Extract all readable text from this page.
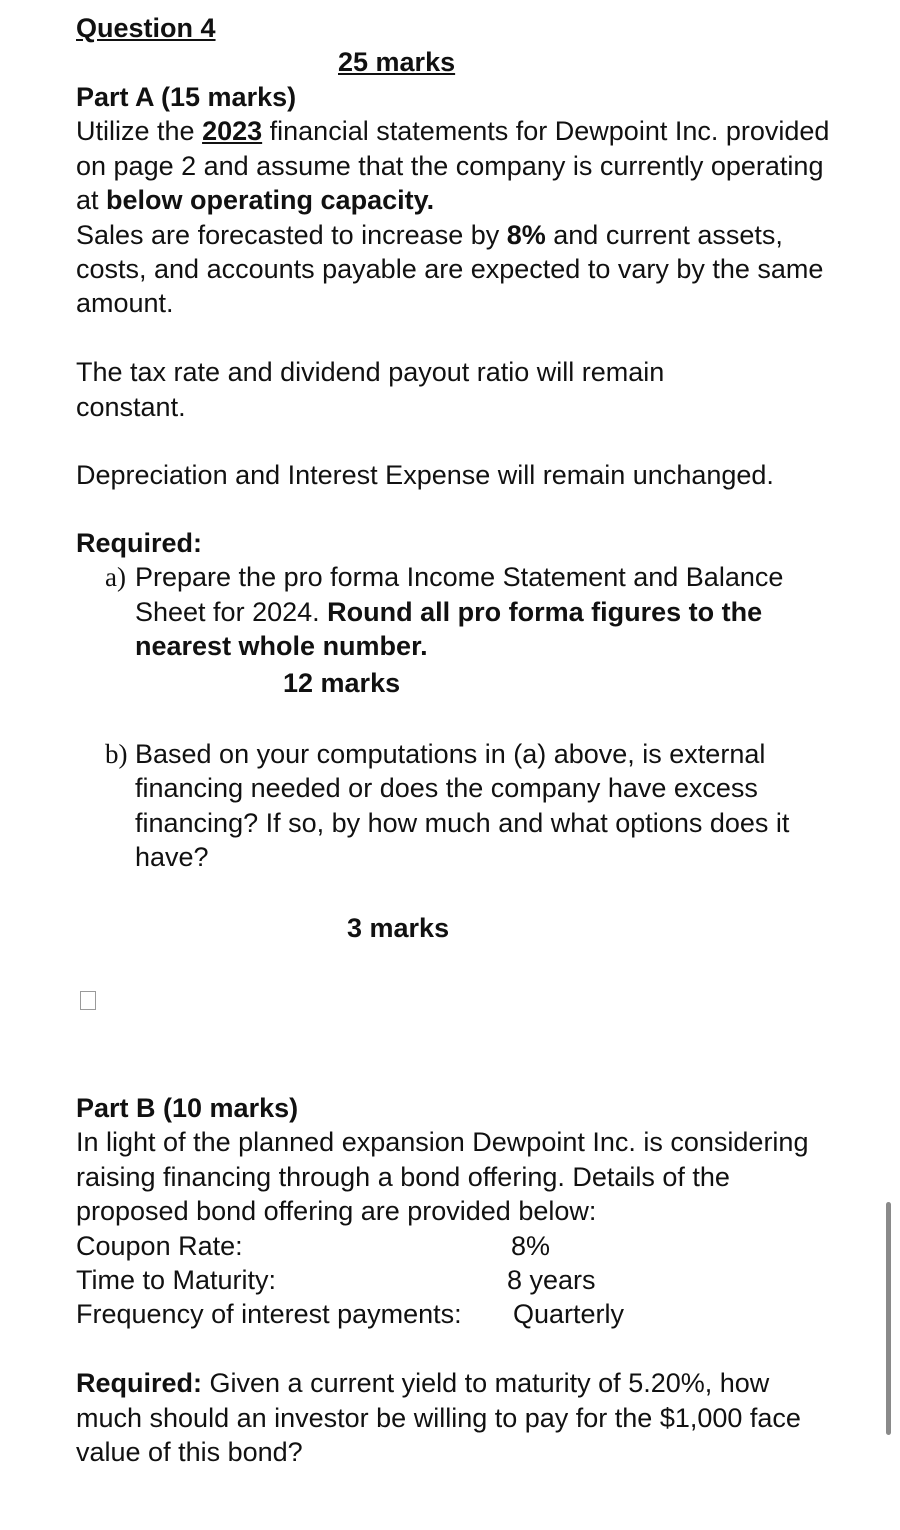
Question 4
25 marks

Part A (15 marks)

Utilize the 2023 financial statements for Dewpoint Inc. provided on page 2 and assume that the company is currently operating at below operating capacity.

Sales are forecasted to increase by 8% and current assets, costs, and accounts payable are expected to vary by the same amount.

The tax rate and dividend payout ratio will remain constant.

Depreciation and Interest Expense will remain unchanged.

Required:
a) Prepare the pro forma Income Statement and Balance Sheet for 2024. Round all pro forma figures to the nearest whole number.
12 marks
b) Based on your computations in (a) above, is external financing needed or does the company have excess financing? If so, by how much and what options does it have?
3 marks

Part B (10 marks)

In light of the planned expansion Dewpoint Inc. is considering raising financing through a bond offering. Details of the proposed bond offering are provided below:

Coupon Rate:	8%
Time to Maturity:	8 years
Frequency of interest payments: Quarterly

Required: Given a current yield to maturity of 5.20%, how much should an investor be willing to pay for the $1,000 face value of this bond?
